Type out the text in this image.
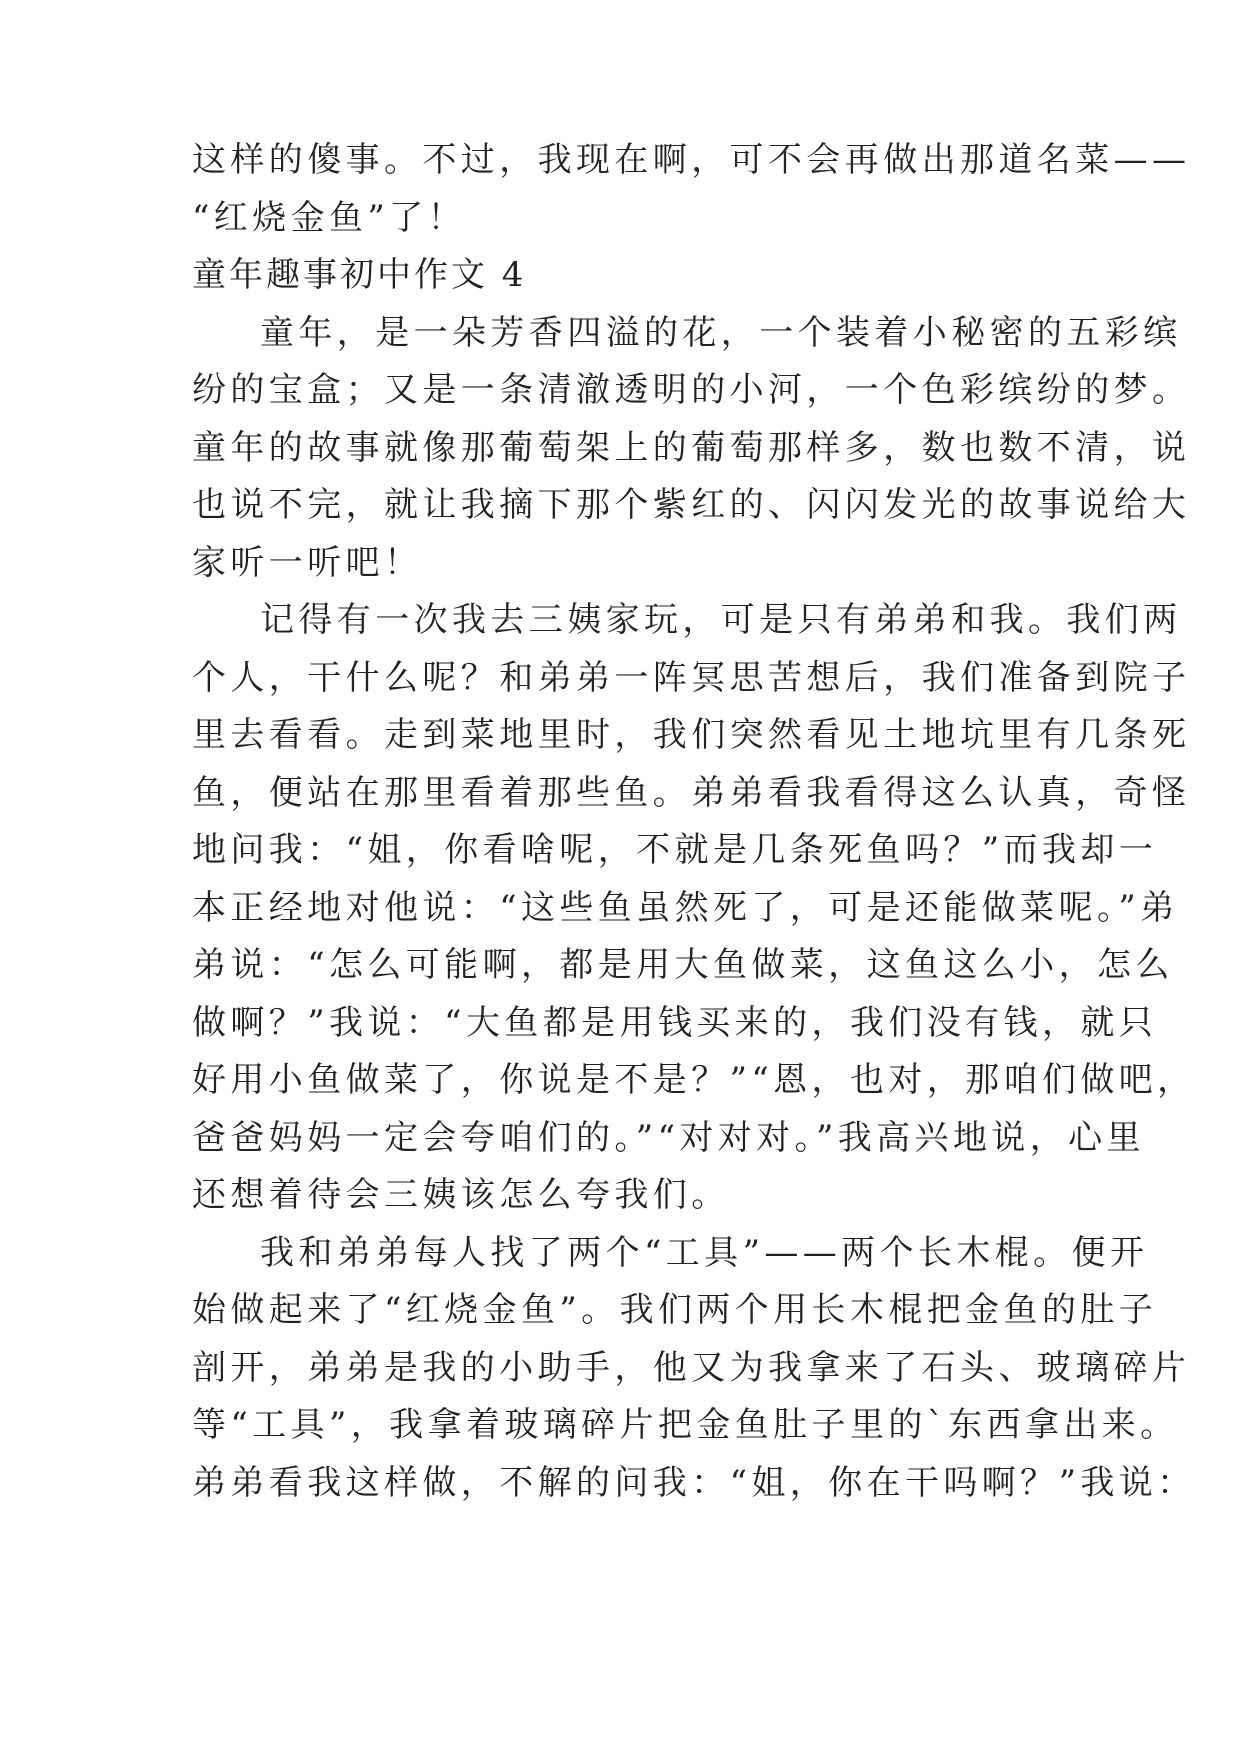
这样的傻事。不过，我现在啊，可不会再做出那道名菜——
“红烧金鱼”了！
童年趣事初中作文 4
童年，是一朵芳香四溢的花，一个装着小秘密的五彩缤
纷的宝盒；又是一条清澈透明的小河，一个色彩缤纷的梦。
童年的故事就像那葡萄架上的葡萄那样多，数也数不清，说
也说不完，就让我摘下那个紫红的、闪闪发光的故事说给大
家听一听吧！
记得有一次我去三姨家玩，可是只有弟弟和我。我们两
个人，干什么呢？和弟弟一阵冥思苦想后，我们准备到院子
里去看看。走到菜地里时，我们突然看见土地坑里有几条死
鱼，便站在那里看着那些鱼。弟弟看我看得这么认真，奇怪
地问我：“姐，你看啥呢，不就是几条死鱼吗？”而我却一
本正经地对他说：“这些鱼虽然死了，可是还能做菜呢。”弟
弟说：“怎么可能啊，都是用大鱼做菜，这鱼这么小，怎么
做啊？”我说：“大鱼都是用钱买来的，我们没有钱，就只
好用小鱼做菜了，你说是不是？”“恩，也对，那咱们做吧，
爸爸妈妈一定会夸咱们的。”“对对对。”我高兴地说，心里
还想着待会三姨该怎么夸我们。
我和弟弟每人找了两个“工具”——两个长木棍。便开
始做起来了“红烧金鱼”。我们两个用长木棍把金鱼的肚子
剖开，弟弟是我的小助手，他又为我拿来了石头、玻璃碎片
等“工具”，我拿着玻璃碎片把金鱼肚子里的`东西拿出来。
弟弟看我这样做，不解的问我：“姐，你在干吗啊？”我说：
